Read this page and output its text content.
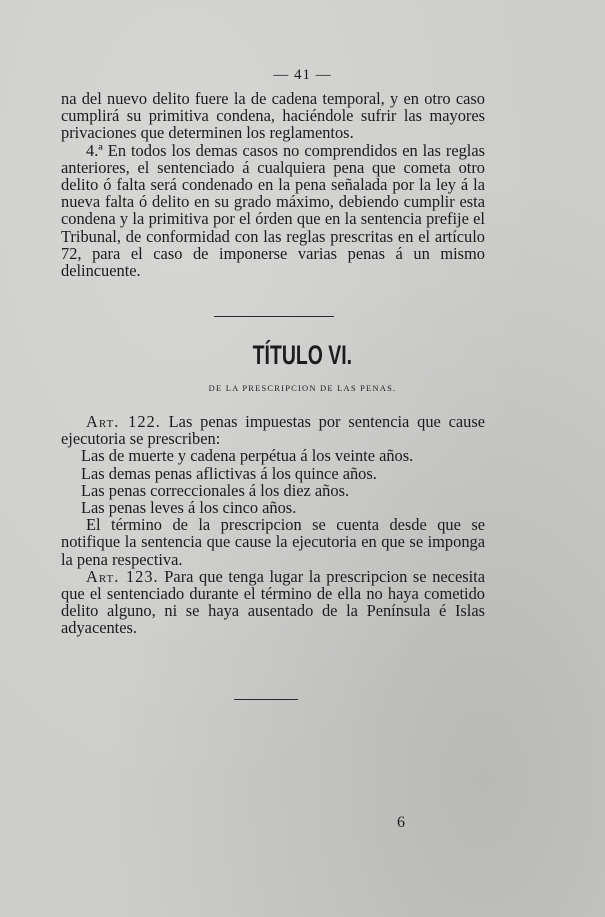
— 41 —

na del nuevo delito fuere la de cadena temporal, y en otro caso cumplirá su primitiva condena, haciéndole sufrir las mayores privaciones que determinen los reglamentos.

4.ª En todos los demas casos no comprendidos en las reglas anteriores, el sentenciado á cualquiera pena que cometa otro delito ó falta será condenado en la pena señalada por la ley á la nueva falta ó delito en su grado máximo, debiendo cumplir esta condena y la primitiva por el órden que en la sentencia prefije el Tribunal, de conformidad con las reglas prescritas en el artículo 72, para el caso de imponerse varias penas á un mismo delincuente.

TÍTULO VI.
DE LA PRESCRIPCION DE LAS PENAS.

Art. 122. Las penas impuestas por sentencia que cause ejecutoria se prescriben:

Las de muerte y cadena perpétua á los veinte años.

Las demas penas aflictivas á los quince años.

Las penas correccionales á los diez años.

Las penas leves á los cinco años.

El término de la prescripcion se cuenta desde que se notifique la sentencia que cause la ejecutoria en que se imponga la pena respectiva.

Art. 123. Para que tenga lugar la prescripcion se necesita que el sentenciado durante el término de ella no haya cometido delito alguno, ni se haya ausentado de la Península é Islas adyacentes.

6
